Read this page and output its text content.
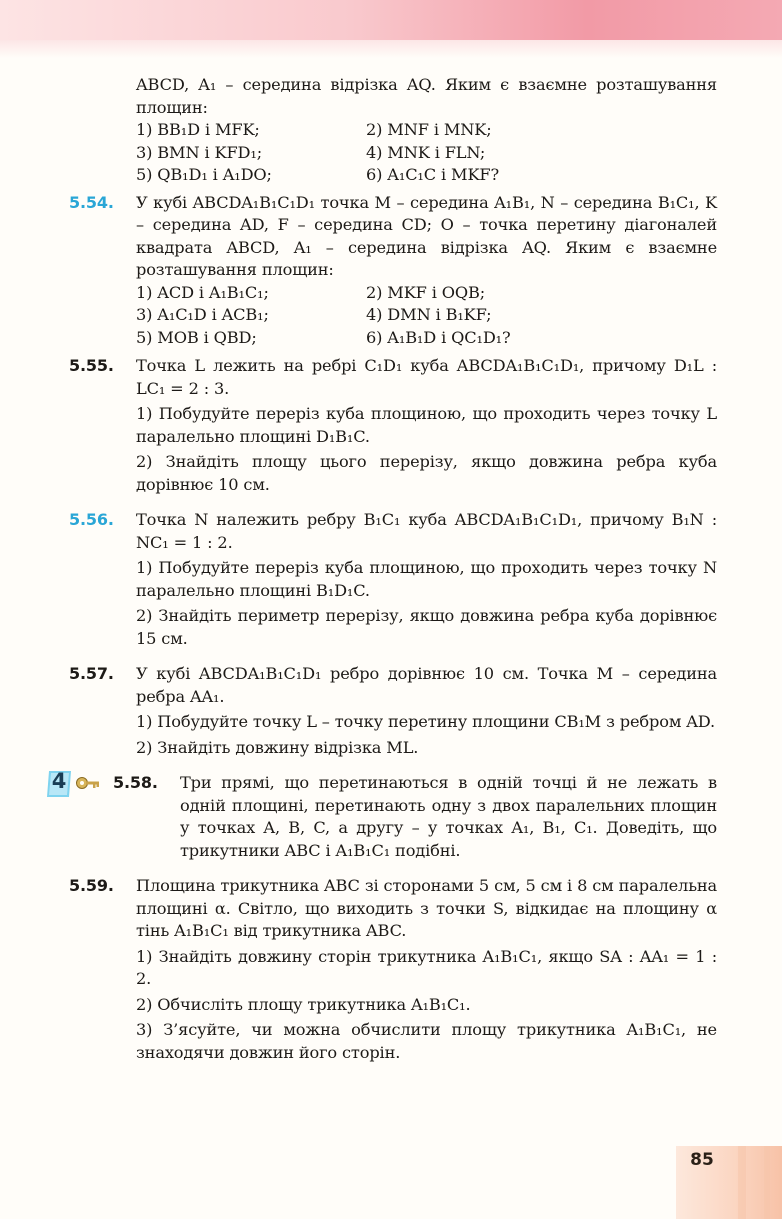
85

ABCD, A₁ – середина відрізка AQ. Яким є взаємне розташування площин:

1) BB₁D і MFK;	2) MNF і MNK;
3) BMN і KFD₁;	4) MNK і FLN;
5) QB₁D₁ і A₁DO;	6) A₁C₁C і MKF?
5.54.	У кубі ABCDA₁B₁C₁D₁ точка M – середина A₁B₁, N – середина B₁C₁, K – середина AD, F – середина CD; O – точка перетину діагоналей квадрата ABCD, A₁ – середина відрізка AQ. Яким є взаємне розташування площин:

1) ACD і A₁B₁C₁;	2) MKF і OQB;
3) A₁C₁D і ACB₁;	4) DMN і B₁KF;
5) MOB і QBD;	6) A₁B₁D і QC₁D₁?
5.55.	Точка L лежить на ребрі C₁D₁ куба ABCDA₁B₁C₁D₁, причому D₁L : LC₁ = 2 : 3.

1) Побудуйте переріз куба площиною, що проходить через точку L паралельно площині D₁B₁C.
2) Знайдіть площу цього перерізу, якщо довжина ребра куба дорівнює 10 см.
5.56.	Точка N належить ребру B₁C₁ куба ABCDA₁B₁C₁D₁, причому B₁N : NC₁ = 1 : 2.

1) Побудуйте переріз куба площиною, що проходить через точку N паралельно площині B₁D₁C.
2) Знайдіть периметр перерізу, якщо довжина ребра куба дорівнює 15 см.
5.57.	У кубі ABCDA₁B₁C₁D₁ ребро дорівнює 10 см. Точка M – середина ребра AA₁.

1) Побудуйте точку L – точку перетину площини CB₁M з ребром AD.
2) Знайдіть довжину відрізка ML.
4	5.58. Три прямі, що перетинаються в одній точці й не лежать в одній площині, перетинають одну з двох паралельних площин у точках A, B, C, а другу – у точках A₁, B₁, C₁. Доведіть, що трикутники ABC і A₁B₁C₁ подібні.

5.59.	Площина трикутника ABC зі сторонами 5 см, 5 см і 8 см паралельна площині α. Світло, що виходить з точки S, відкидає на площину α тінь A₁B₁C₁ від трикутника ABC.

1) Знайдіть довжину сторін трикутника A₁B₁C₁, якщо SA : AA₁ = 1 : 2.
2) Обчисліть площу трикутника A₁B₁C₁.
3) З’ясуйте, чи можна обчислити площу трикутника A₁B₁C₁, не знаходячи довжин його сторін.
